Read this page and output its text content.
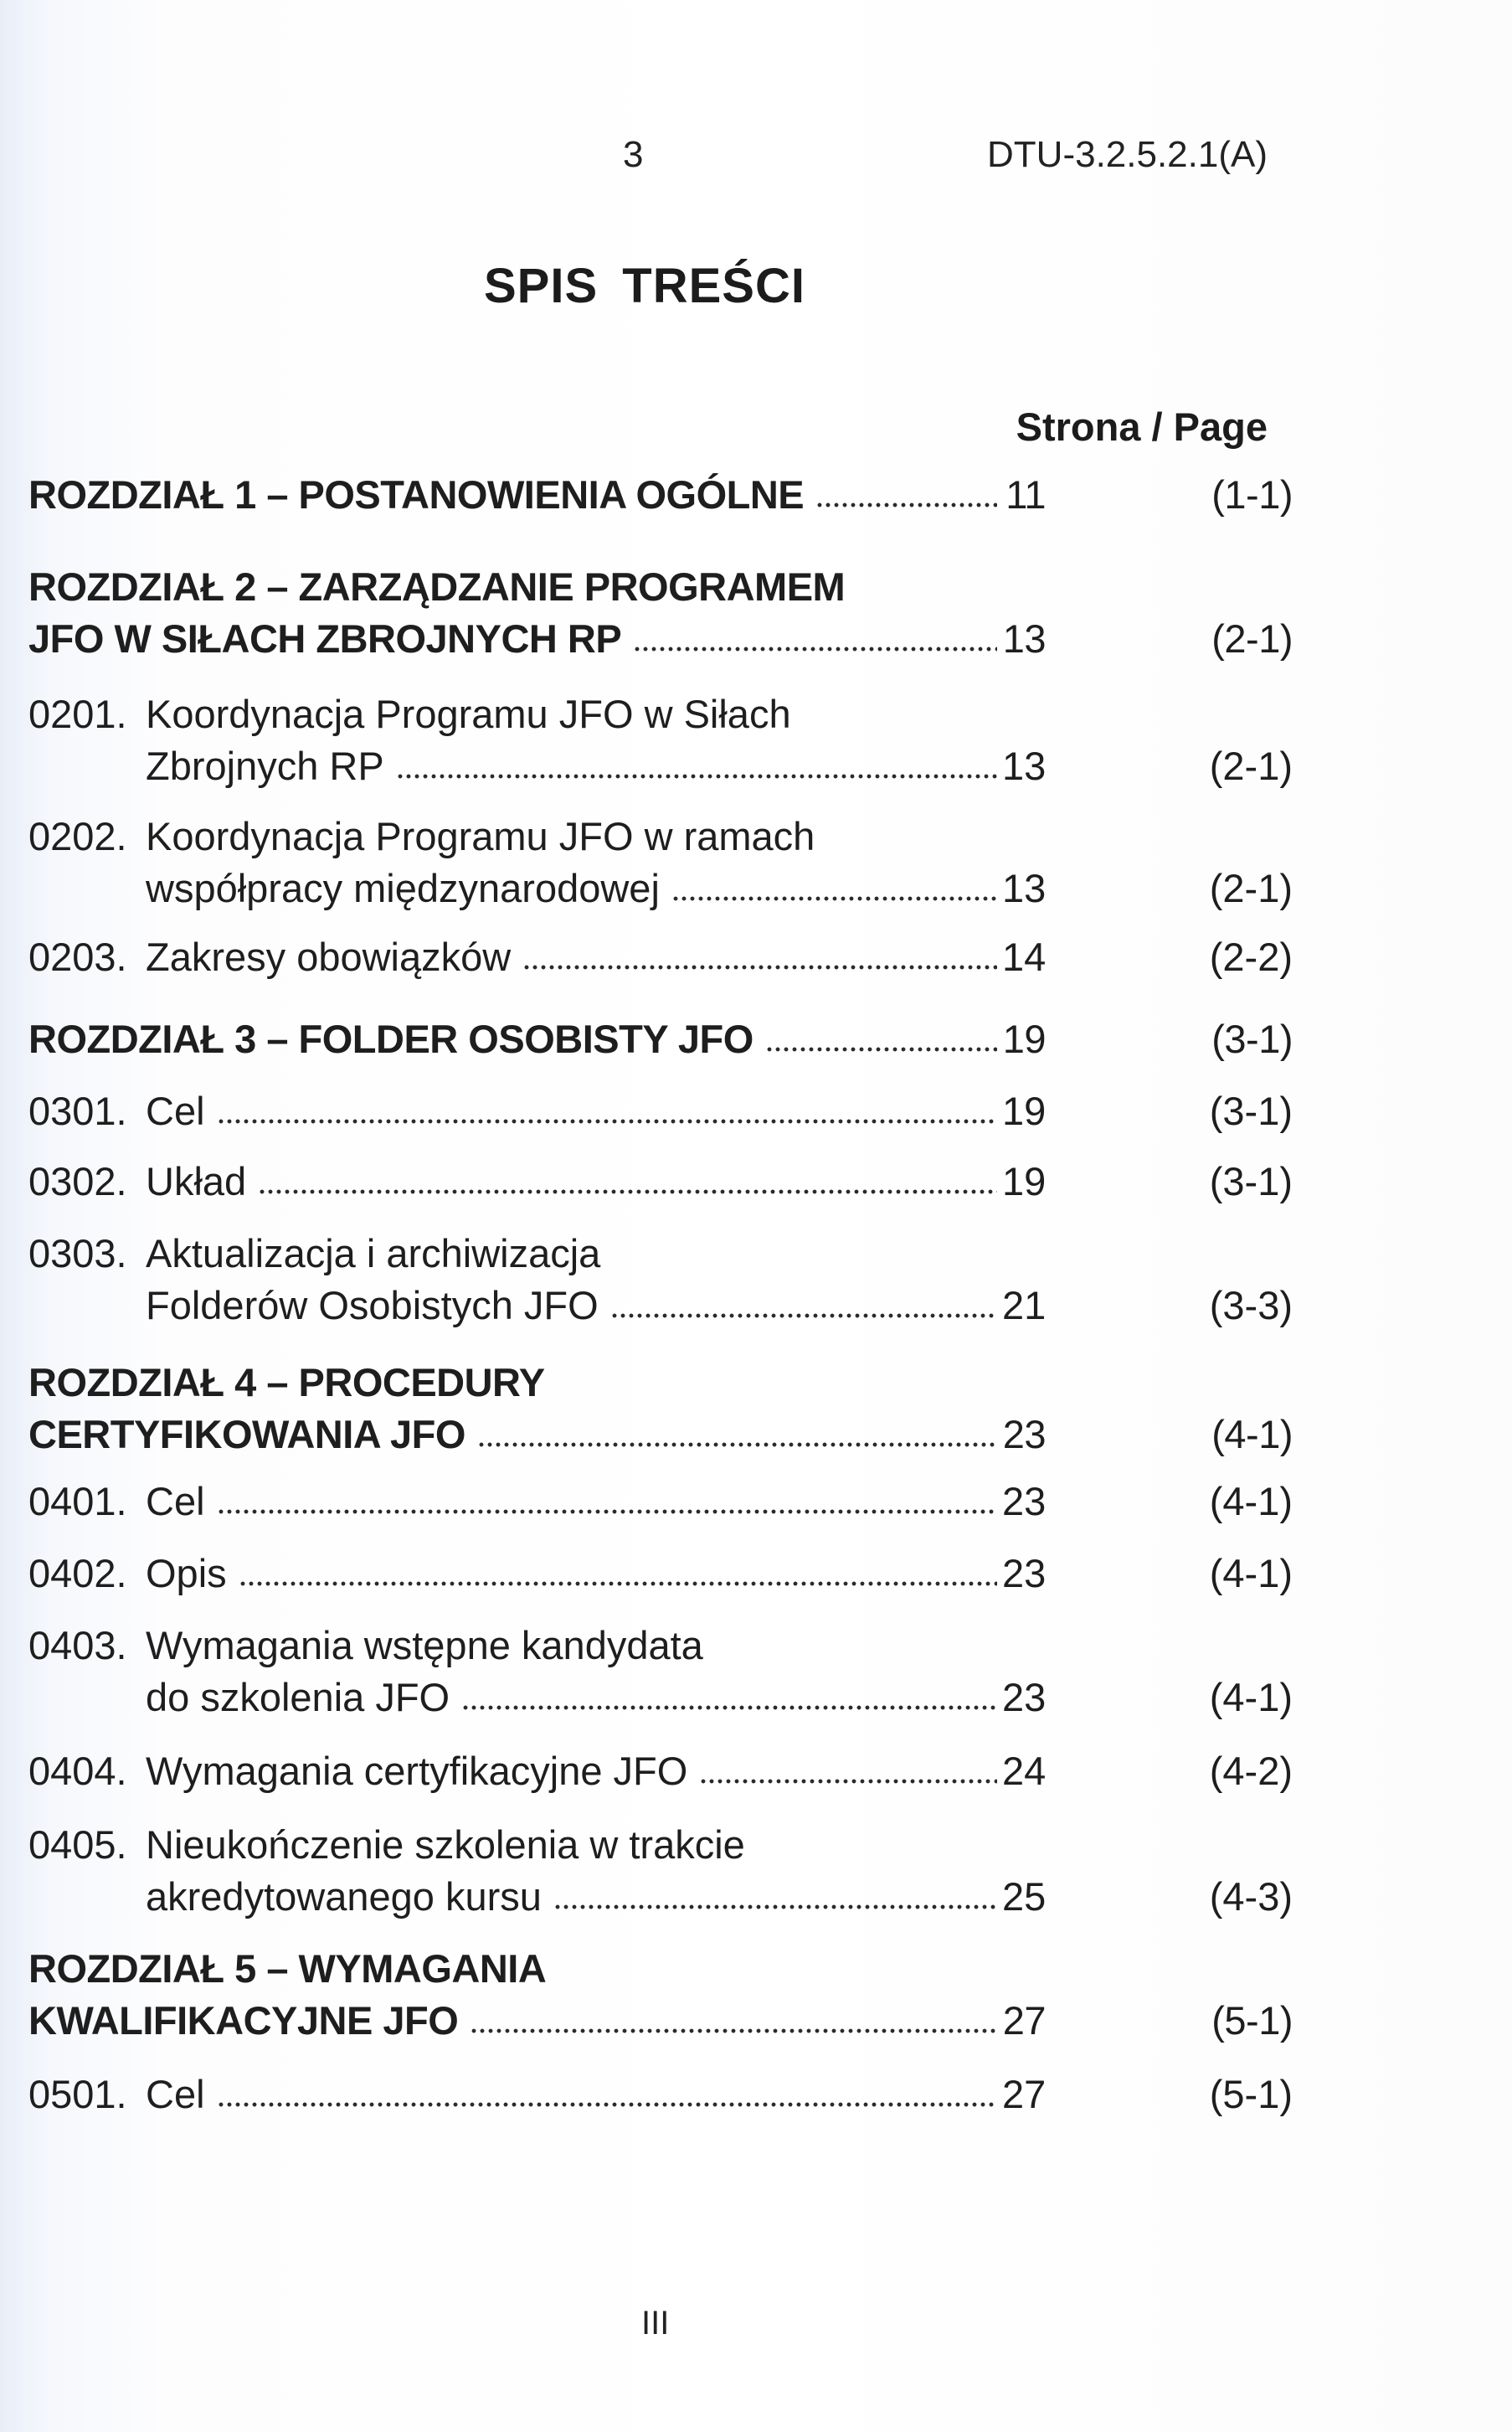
3	DTU-3.2.5.2.1(A)
SPIS TREŚCI
Strona / Page
ROZDZIAŁ 1 – POSTANOWIENIA OGÓLNE	11	(1-1)
ROZDZIAŁ 2 – ZARZĄDZANIE PROGRAMEM
JFO W SIŁACH ZBROJNYCH RP	13	(2-1)
0201. Koordynacja Programu JFO w Siłach
Zbrojnych RP	13	(2-1)
0202. Koordynacja Programu JFO w ramach
współpracy międzynarodowej	13	(2-1)
0203. Zakresy obowiązków	14	(2-2)
ROZDZIAŁ 3 – FOLDER OSOBISTY JFO	19	(3-1)
0301. Cel	19	(3-1)
0302. Układ	19	(3-1)
0303. Aktualizacja i archiwizacja
Folderów Osobistych JFO	21	(3-3)
ROZDZIAŁ 4 – PROCEDURY
CERTYFIKOWANIA JFO	23	(4-1)
0401. Cel	23	(4-1)
0402. Opis	23	(4-1)
0403. Wymagania wstępne kandydata
do szkolenia JFO	23	(4-1)
0404. Wymagania certyfikacyjne JFO	24	(4-2)
0405. Nieukończenie szkolenia w trakcie
akredytowanego kursu	25	(4-3)
ROZDZIAŁ 5 – WYMAGANIA
KWALIFIKACYJNE JFO	27	(5-1)
0501. Cel	27	(5-1)
III
